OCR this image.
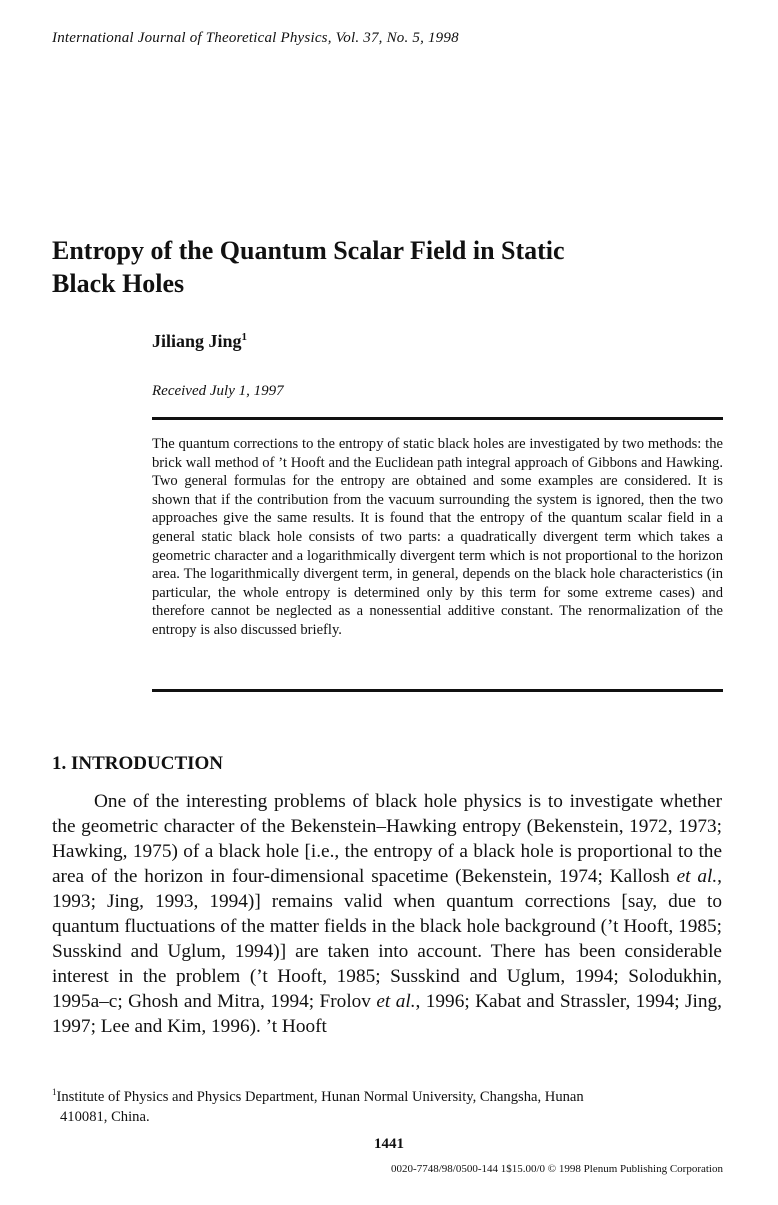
International Journal of Theoretical Physics, Vol. 37, No. 5, 1998
Entropy of the Quantum Scalar Field in Static
Black Holes
Jiliang Jing$^1$
Received July 1, 1997
The quantum corrections to the entropy of static black holes are investigated by two methods: the brick wall method of ’t Hooft and the Euclidean path integral approach of Gibbons and Hawking. Two general formulas for the entropy are obtained and some examples are considered. It is shown that if the contribution from the vacuum surrounding the system is ignored, then the two approaches give the same results. It is found that the entropy of the quantum scalar field in a general static black hole consists of two parts: a quadratically divergent term which takes a geometric character and a logarithmically divergent term which is not proportional to the horizon area. The logarithmically divergent term, in general, depends on the black hole characteristics (in particular, the whole entropy is determined only by this term for some extreme cases) and therefore cannot be neglected as a nonessential additive constant. The renormalization of the entropy is also discussed briefly.
1. INTRODUCTION
One of the interesting problems of black hole physics is to investigate whether the geometric character of the Bekenstein–Hawking entropy (Bekenstein, 1972, 1973; Hawking, 1975) of a black hole [i.e., the entropy of a black hole is proportional to the area of the horizon in four-dimensional spacetime (Bekenstein, 1974; Kallosh et al., 1993; Jing, 1993, 1994)] remains valid when quantum corrections [say, due to quantum fluctuations of the matter fields in the black hole background (’t Hooft, 1985; Susskind and Uglum, 1994)] are taken into account. There has been considerable interest in the problem (’t Hooft, 1985; Susskind and Uglum, 1994; Solodukhin, 1995a–c; Ghosh and Mitra, 1994; Frolov et al., 1996; Kabat and Strassler, 1994; Jing, 1997; Lee and Kim, 1996). ’t Hooft
$^1$Institute of Physics and Physics Department, Hunan Normal University, Changsha, Hunan
410081, China.
1441
0020-7748/98/0500-144 1$15.00/0 © 1998 Plenum Publishing Corporation
